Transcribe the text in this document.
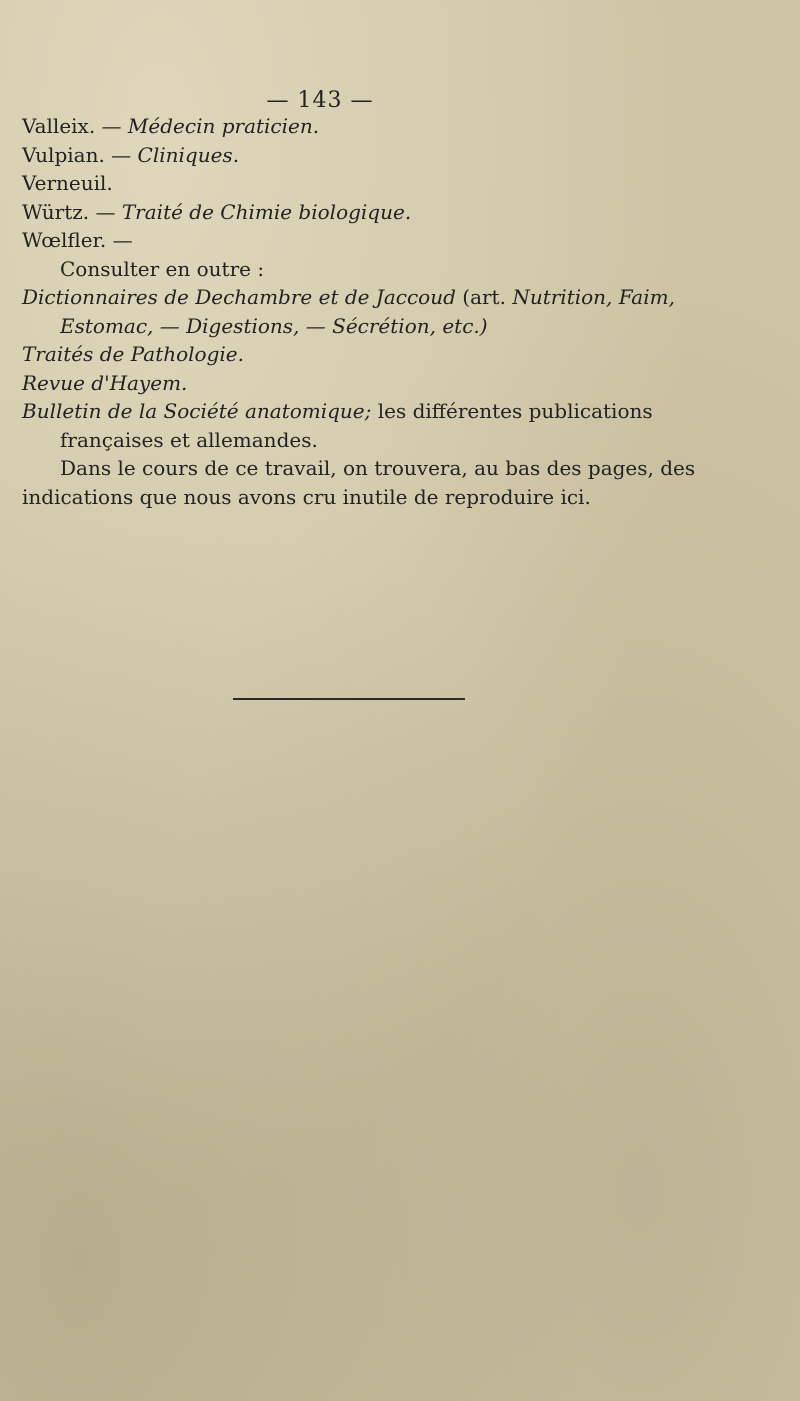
— 143 —
Valleix. — Médecin praticien.
Vulpian. — Cliniques.
Verneuil.
Würtz. — Traité de Chimie biologique.
Wœlfler. —
Consulter en outre :
Dictionnaires de Dechambre et de Jaccoud (art. Nutrition, Faim,
Estomac, — Digestions, — Sécrétion, etc.)
Traités de Pathologie.
Revue d'Hayem.
Bulletin de la Société anatomique; les différentes publications
françaises et allemandes.
Dans le cours de ce travail, on trouvera, au bas des pages, des
indications que nous avons cru inutile de reproduire ici.
